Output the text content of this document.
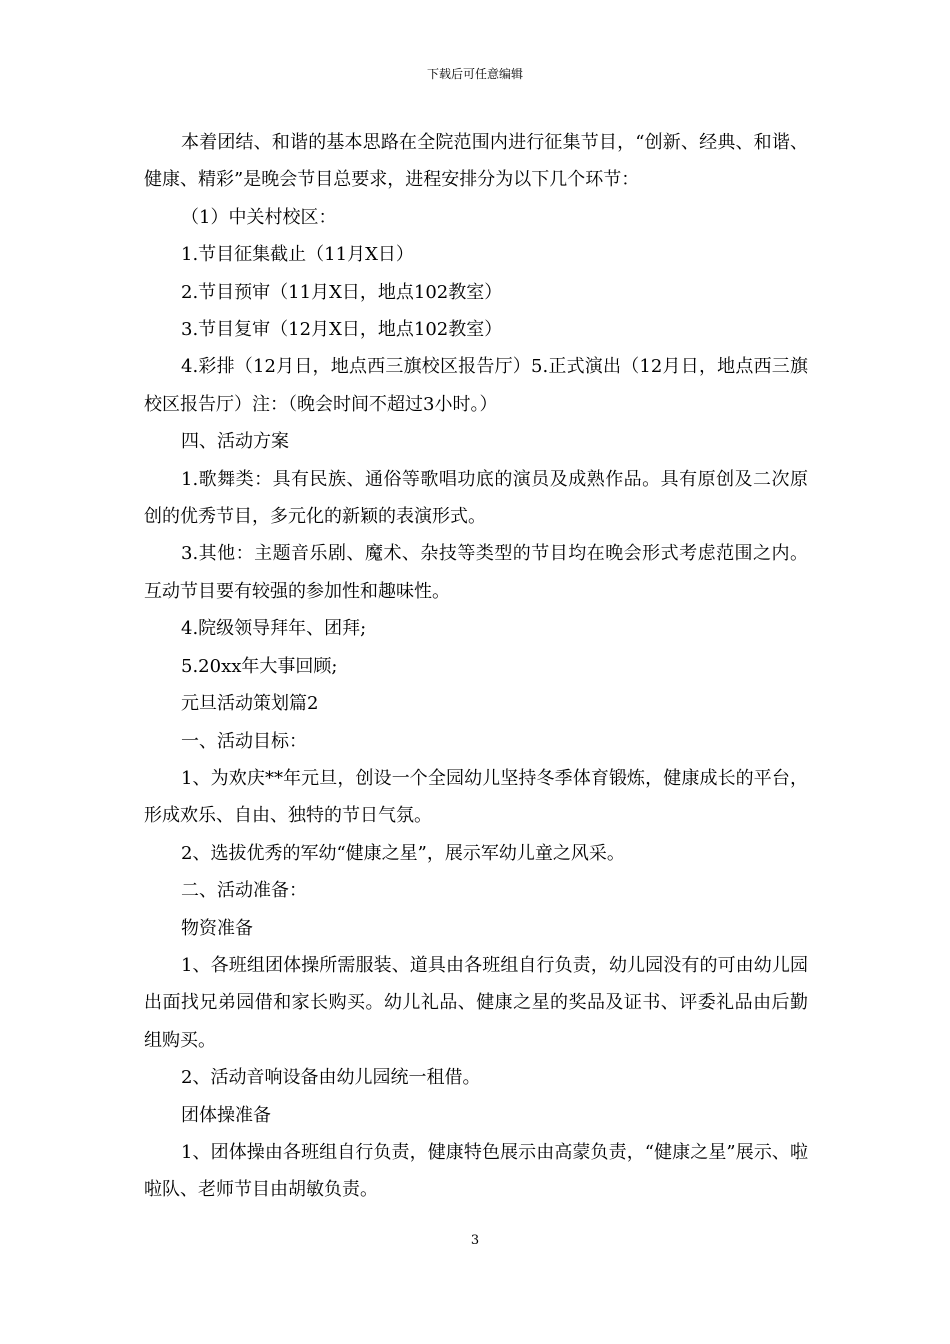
下载后可任意编辑

本着团结、和谐的基本思路在全院范围内进行征集节目，“创新、经典、和谐、健康、精彩”是晚会节目总要求，进程安排分为以下几个环节：

（1）中关村校区：

1.节目征集截止（11月X日）

2.节目预审（11月X日，地点102教室）

3.节目复审（12月X日，地点102教室）

4.彩排（12月日，地点西三旗校区报告厅）5.正式演出（12月日，地点西三旗校区报告厅）注：（晚会时间不超过3小时。）

四、活动方案

1.歌舞类：具有民族、通俗等歌唱功底的演员及成熟作品。具有原创及二次原创的优秀节目，多元化的新颖的表演形式。

3.其他：主题音乐剧、魔术、杂技等类型的节目均在晚会形式考虑范围之内。互动节目要有较强的参加性和趣味性。

4.院级领导拜年、团拜;

5.20xx年大事回顾;

元旦活动策划篇2

一、活动目标：

1、为欢庆**年元旦，创设一个全园幼儿坚持冬季体育锻炼，健康成长的平台，形成欢乐、自由、独特的节日气氛。

2、选拔优秀的军幼“健康之星”，展示军幼儿童之风采。

二、活动准备：

物资准备

1、各班组团体操所需服装、道具由各班组自行负责，幼儿园没有的可由幼儿园出面找兄弟园借和家长购买。幼儿礼品、健康之星的奖品及证书、评委礼品由后勤组购买。

2、活动音响设备由幼儿园统一租借。

团体操准备

1、团体操由各班组自行负责，健康特色展示由高蒙负责，“健康之星”展示、啦啦队、老师节目由胡敏负责。

3
